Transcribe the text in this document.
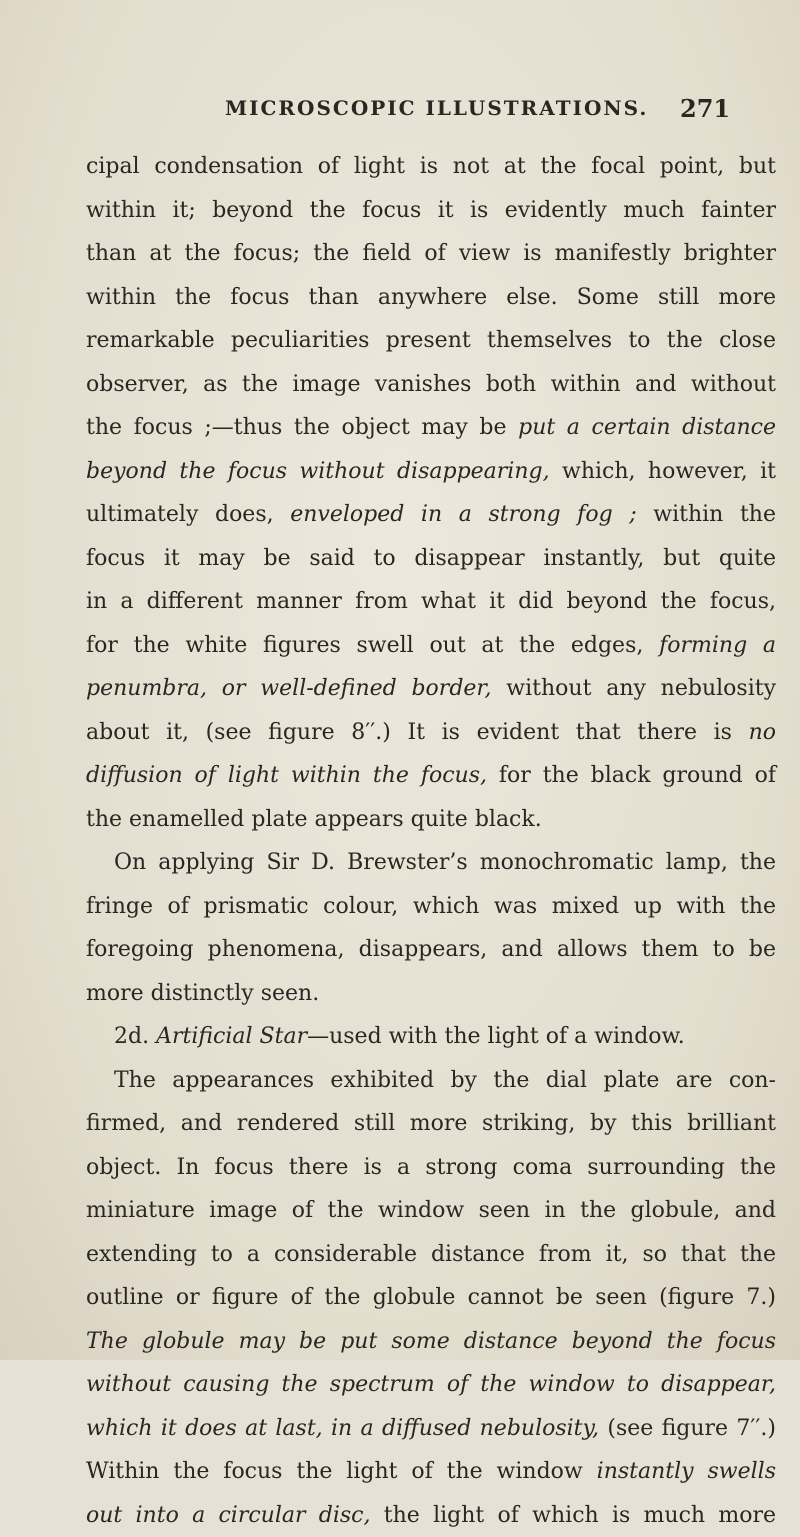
MICROSCOPIC ILLUSTRATIONS. 271
cipal condensation of light is not at the focal point, but
within it; beyond the focus it is evidently much fainter
than at the focus; the field of view is manifestly brighter
within the focus than anywhere else. Some still more
remarkable peculiarities present themselves to the close
observer, as the image vanishes both within and without
the focus ;—thus the object may be put a certain distance
beyond the focus without disappearing, which, however, it
ultimately does, enveloped in a strong fog ; within the
focus it may be said to disappear instantly, but quite
in a different manner from what it did beyond the focus,
for the white figures swell out at the edges, forming a
penumbra, or well-defined border, without any nebulosity
about it, (see figure 8′′.) It is evident that there is no
diffusion of light within the focus, for the black ground of
the enamelled plate appears quite black.
On applying Sir D. Brewster’s monochromatic lamp, the
fringe of prismatic colour, which was mixed up with the
foregoing phenomena, disappears, and allows them to be
more distinctly seen.
2d. Artificial Star—used with the light of a window.
The appearances exhibited by the dial plate are con-
firmed, and rendered still more striking, by this brilliant
object. In focus there is a strong coma surrounding the
miniature image of the window seen in the globule, and
extending to a considerable distance from it, so that the
outline or figure of the globule cannot be seen (figure 7.)
The globule may be put some distance beyond the focus
without causing the spectrum of the window to disappear,
which it does at last, in a diffused nebulosity, (see figure 7′′.)
Within the focus the light of the window instantly swells
out into a circular disc, the light of which is much more
